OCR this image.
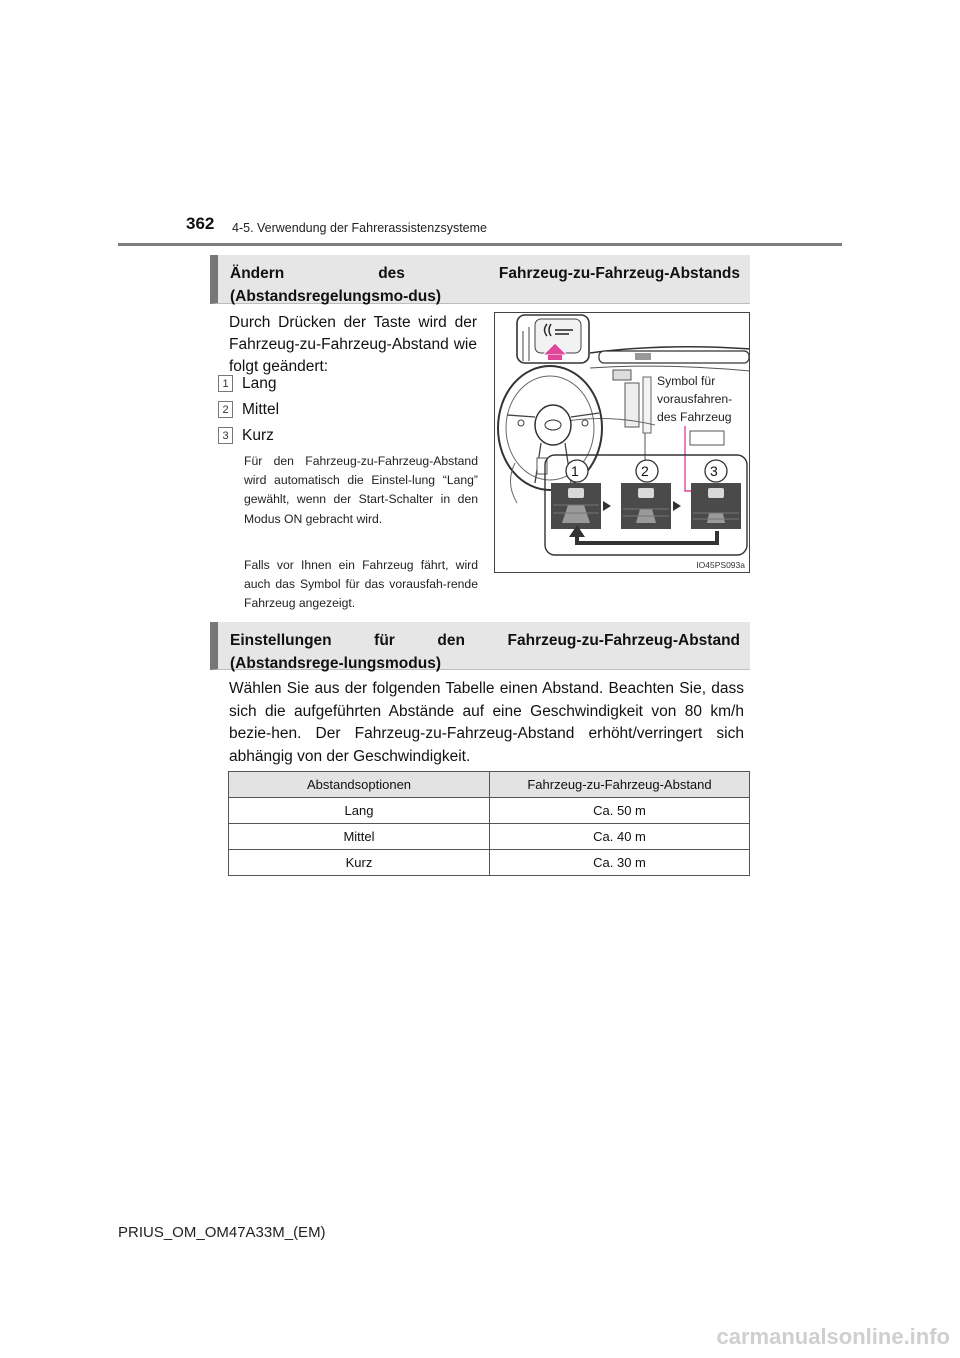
362 4-5. Verwendung der Fahrerassistenzsysteme
Ändern des Fahrzeug-zu-Fahrzeug-Abstands (Abstandsregelungsmo-dus)
Durch Drücken der Taste wird der Fahrzeug-zu-Fahrzeug-Abstand wie folgt geändert:
1 Lang
2 Mittel
3 Kurz
Für den Fahrzeug-zu-Fahrzeug-Abstand wird automatisch die Einstel-lung “Lang” gewählt, wenn der Start-Schalter in den Modus ON gebracht wird.
Falls vor Ihnen ein Fahrzeug fährt, wird auch das Symbol für das vorausfah-rende Fahrzeug angezeigt.
1	2	3
IO45PS093a
Symbol für
vorausfahren-
des Fahrzeug
Einstellungen für den Fahrzeug-zu-Fahrzeug-Abstand (Abstandsrege-lungsmodus)
Wählen Sie aus der folgenden Tabelle einen Abstand. Beachten Sie, dass sich die aufgeführten Abstände auf eine Geschwindigkeit von 80 km/h bezie-hen. Der Fahrzeug-zu-Fahrzeug-Abstand erhöht/verringert sich abhängig von der Geschwindigkeit.
Abstandsoptionen	Fahrzeug-zu-Fahrzeug-Abstand
Lang	Ca. 50 m
Mittel	Ca. 40 m
Kurz	Ca. 30 m
PRIUS_OM_OM47A33M_(EM)
carmanualsonline.info
